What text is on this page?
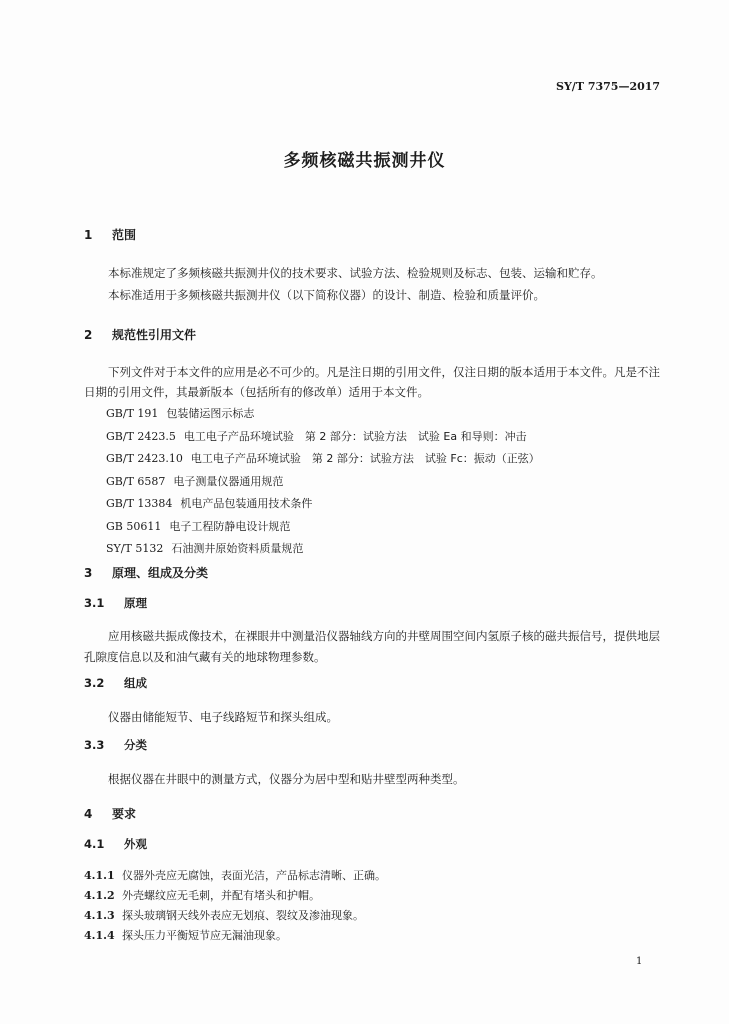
SY/T 7375—2017
多频核磁共振测井仪
1 范围
本标准规定了多频核磁共振测井仪的技术要求、试验方法、检验规则及标志、包装、运输和贮存。
本标准适用于多频核磁共振测井仪（以下简称仪器）的设计、制造、检验和质量评价。
2 规范性引用文件
下列文件对于本文件的应用是必不可少的。凡是注日期的引用文件，仅注日期的版本适用于本文件。凡是不注日期的引用文件，其最新版本（包括所有的修改单）适用于本文件。
GB/T 191 包装储运图示标志
GB/T 2423.5 电工电子产品环境试验　第 2 部分：试验方法　试验 Ea 和导则：冲击
GB/T 2423.10 电工电子产品环境试验　第 2 部分：试验方法　试验 Fc：振动（正弦）
GB/T 6587 电子测量仪器通用规范
GB/T 13384 机电产品包装通用技术条件
GB 50611 电子工程防静电设计规范
SY/T 5132 石油测井原始资料质量规范
3 原理、组成及分类
3.1 原理
应用核磁共振成像技术，在裸眼井中测量沿仪器轴线方向的井壁周围空间内氢原子核的磁共振信号，提供地层孔隙度信息以及和油气藏有关的地球物理参数。
3.2 组成
仪器由储能短节、电子线路短节和探头组成。
3.3 分类
根据仪器在井眼中的测量方式，仪器分为居中型和贴井壁型两种类型。
4 要求
4.1 外观
4.1.1 仪器外壳应无腐蚀，表面光洁，产品标志清晰、正确。
4.1.2 外壳螺纹应无毛刺，并配有堵头和护帽。
4.1.3 探头玻璃钢天线外表应无划痕、裂纹及渗油现象。
4.1.4 探头压力平衡短节应无漏油现象。
1
